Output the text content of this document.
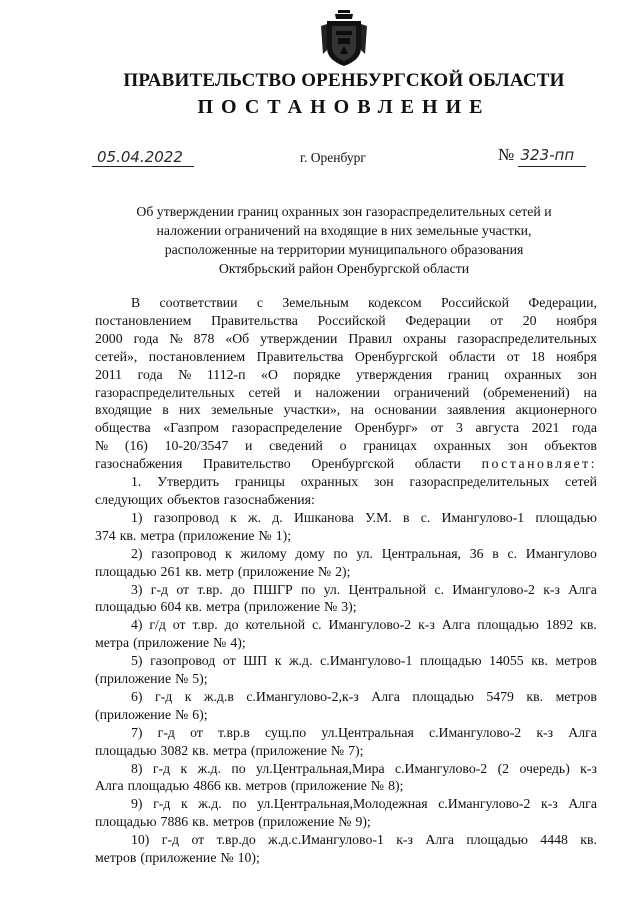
ПРАВИТЕЛЬСТВО ОРЕНБУРГСКОЙ ОБЛАСТИ
ПОСТАНОВЛЕНИЕ
05.04.2022	г. Оренбург	№ 323-пп
Об утверждении границ охранных зон газораспределительных сетей и
наложении ограничений на входящие в них земельные участки,
расположенные на территории муниципального образования
Октябрьский район Оренбургской области
В соответствии с Земельным кодексом Российской Федерации,
постановлением Правительства Российской Федерации от 20 ноября
2000 года № 878 «Об утверждении Правил охраны газораспределительных
сетей», постановлением Правительства Оренбургской области от 18 ноября
2011 года № 1112-п «О порядке утверждения границ охранных зон
газораспределительных сетей и наложении ограничений (обременений) на
входящие в них земельные участки», на основании заявления акционерного
общества «Газпром газораспределение Оренбург» от 3 августа 2021 года
№ (16) 10-20/3547 и сведений о границах охранных зон объектов
газоснабжения Правительство Оренбургской области постановляет:
1. Утвердить границы охранных зон газораспределительных сетей
следующих объектов газоснабжения:
1) газопровод к ж. д. Ишканова У.М. в с. Имангулово-1 площадью
374 кв. метра (приложение № 1);
2) газопровод к жилому дому по ул. Центральная, 36 в с. Имангулово
площадью 261 кв. метр (приложение № 2);
3) г-д от т.вр. до ПШГР по ул. Центральной с. Имангулово-2 к-з Алга
площадью 604 кв. метра (приложение № 3);
4) г/д от т.вр. до котельной с. Имангулово-2 к-з Алга площадью 1892 кв.
метра (приложение № 4);
5) газопровод от ШП к ж.д. с.Имангулово-1 площадью 14055 кв. метров
(приложение № 5);
6) г-д к ж.д.в с.Имангулово-2,к-з Алга площадью 5479 кв. метров
(приложение № 6);
7) г-д от т.вр.в сущ.по ул.Центральная с.Имангулово-2 к-з Алга
площадью 3082 кв. метра (приложение № 7);
8) г-д к ж.д. по ул.Центральная,Мира с.Имангулово-2 (2 очередь) к-з
Алга площадью 4866 кв. метров (приложение № 8);
9) г-д к ж.д. по ул.Центральная,Молодежная с.Имангулово-2 к-з Алга
площадью 7886 кв. метров (приложение № 9);
10) г-д от т.вр.до ж.д.с.Имангулово-1 к-з Алга площадью 4448 кв.
метров (приложение № 10);
